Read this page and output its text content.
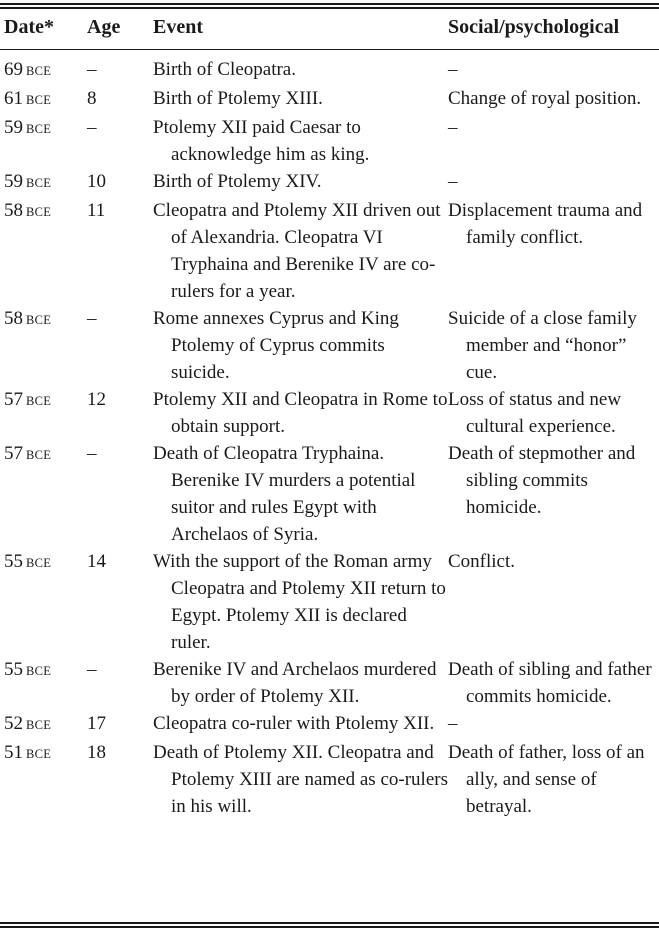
Date*	Age	Event	Social/psychological
69 BCE	–	Birth of Cleopatra.	–
61 BCE	8	Birth of Ptolemy XIII.	Change of royal position.
59 BCE	–	Ptolemy XII paid Caesar to acknowledge him as king.	–
59 BCE	10	Birth of Ptolemy XIV.	–
58 BCE	11	Cleopatra and Ptolemy XII driven out of Alexandria. Cleopatra VI Tryphaina and Berenike IV are co-rulers for a year.	Displacement trauma and family conflict.
58 BCE	–	Rome annexes Cyprus and King Ptolemy of Cyprus commits suicide.	Suicide of a close family member and “honor” cue.
57 BCE	12	Ptolemy XII and Cleopatra in Rome to obtain support.	Loss of status and new cultural experience.
57 BCE	–	Death of Cleopatra Tryphaina. Berenike IV murders a potential suitor and rules Egypt with Archelaos of Syria.	Death of stepmother and sibling commits homicide.
55 BCE	14	With the support of the Roman army Cleopatra and Ptolemy XII return to Egypt. Ptolemy XII is declared ruler.	Conflict.
55 BCE	–	Berenike IV and Archelaos murdered by order of Ptolemy XII.	Death of sibling and father commits homicide.
52 BCE	17	Cleopatra co-ruler with Ptolemy XII.	–
51 BCE	18	Death of Ptolemy XII. Cleopatra and Ptolemy XIII are named as co-rulers in his will.	Death of father, loss of an ally, and sense of betrayal.
